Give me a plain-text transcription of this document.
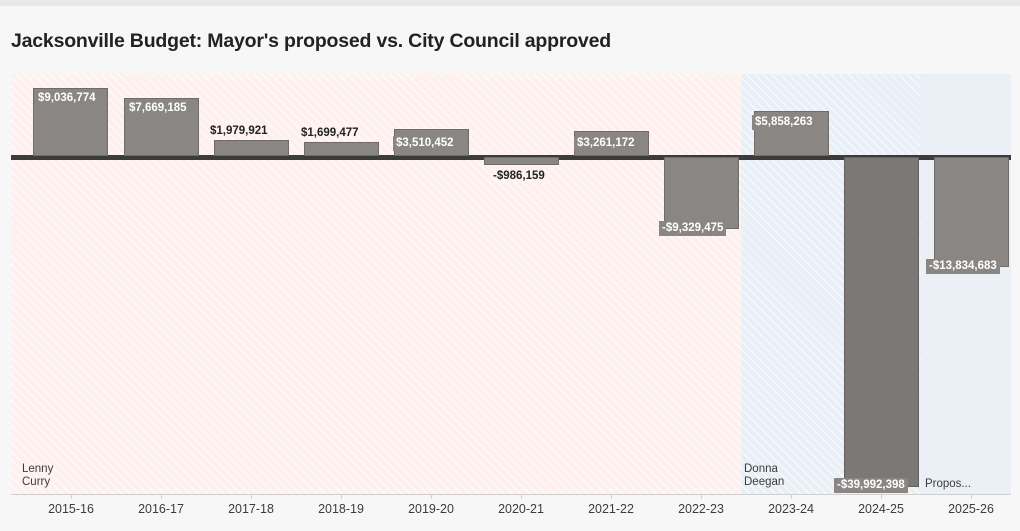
Jacksonville Budget: Mayor's proposed vs. City Council approved
$9,036,774
$7,669,185
$1,979,921	$1,699,477
$3,510,452
-$986,159
$3,261,172
-$9,329,475
$5,858,263
-$39,992,398
-$13,834,683
Lenny
Curry
Donna
Deegan	Propos...
2015-16	2016-17	2017-18	2018-19	2019-20	2020-21	2021-22	2022-23	2023-24	2024-25	2025-26
